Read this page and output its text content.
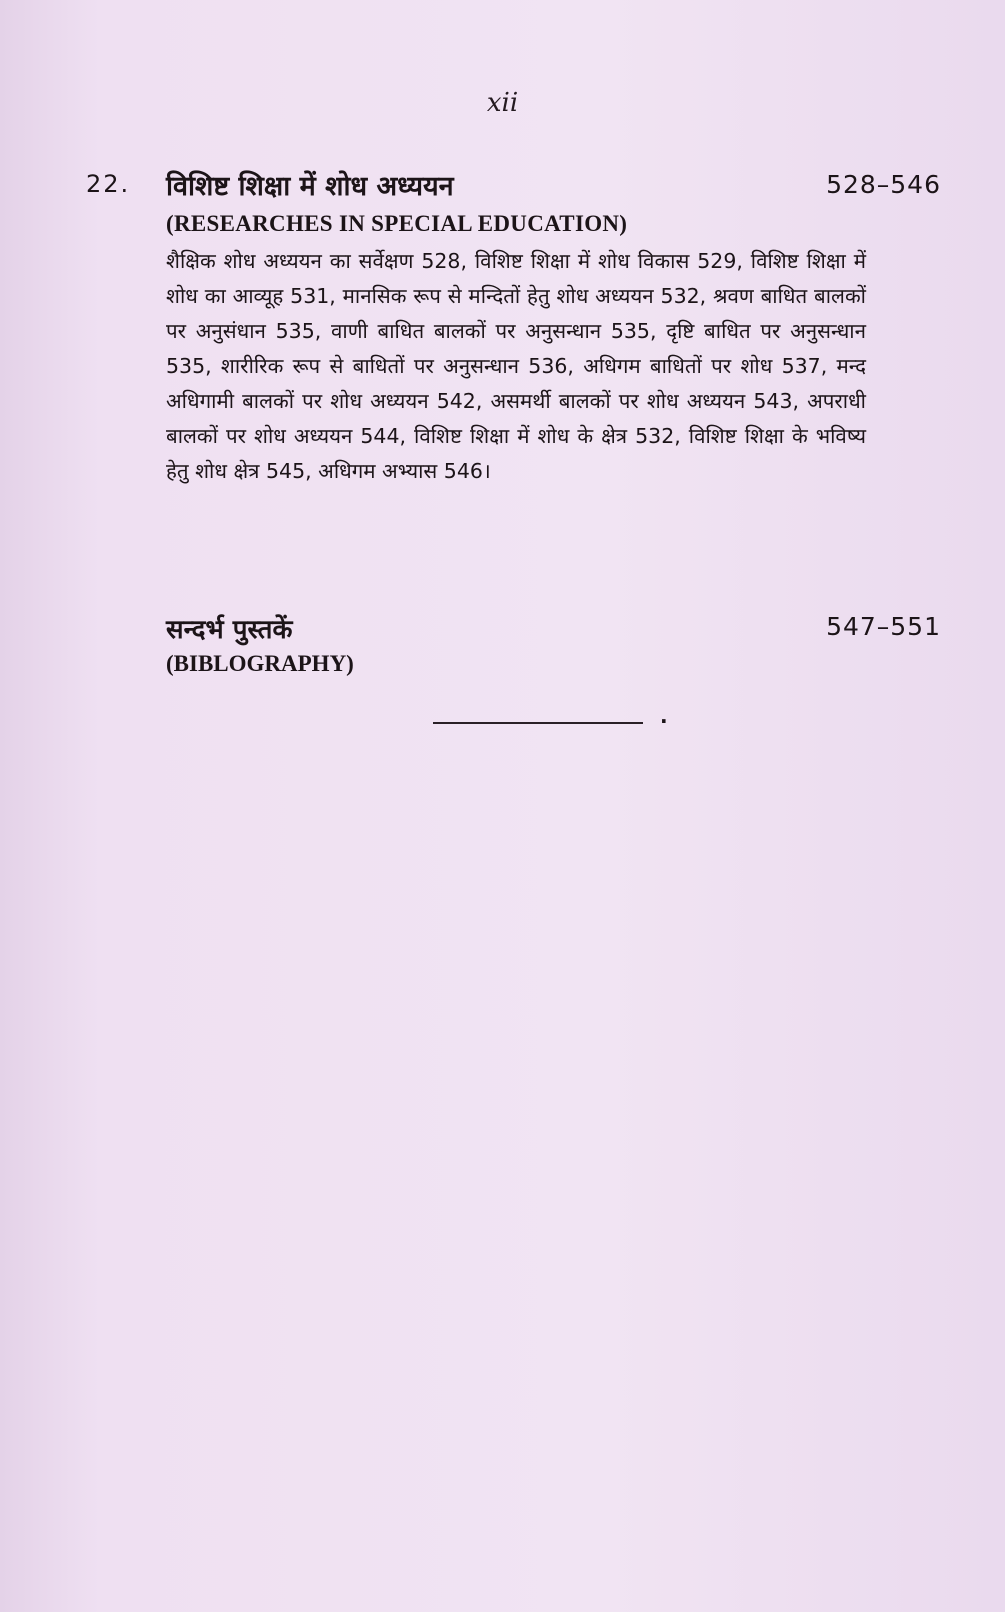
xii
22. विशिष्ट शिक्षा में शोध अध्ययन	528–546
(RESEARCHES IN SPECIAL EDUCATION)
शैक्षिक शोध अध्ययन का सर्वेक्षण 528, विशिष्ट शिक्षा में शोध विकास 529, विशिष्ट शिक्षा में शोध का आव्यूह 531, मानसिक रूप से मन्दितों हेतु शोध अध्ययन 532, श्रवण बाधित बालकों पर अनुसंधान 535, वाणी बाधित बालकों पर अनुसन्धान 535, दृष्टि बाधित पर अनुसन्धान 535, शारीरिक रूप से बाधितों पर अनुसन्धान 536, अधिगम बाधितों पर शोध 537, मन्द अधिगामी बालकों पर शोध अध्ययन 542, असमर्थी बालकों पर शोध अध्ययन 543, अपराधी बालकों पर शोध अध्ययन 544, विशिष्ट शिक्षा में शोध के क्षेत्र 532, विशिष्ट शिक्षा के भविष्य हेतु शोध क्षेत्र 545, अधिगम अभ्यास 546।
सन्दर्भ पुस्तकें	547–551
(BIBLOGRAPHY)
.
